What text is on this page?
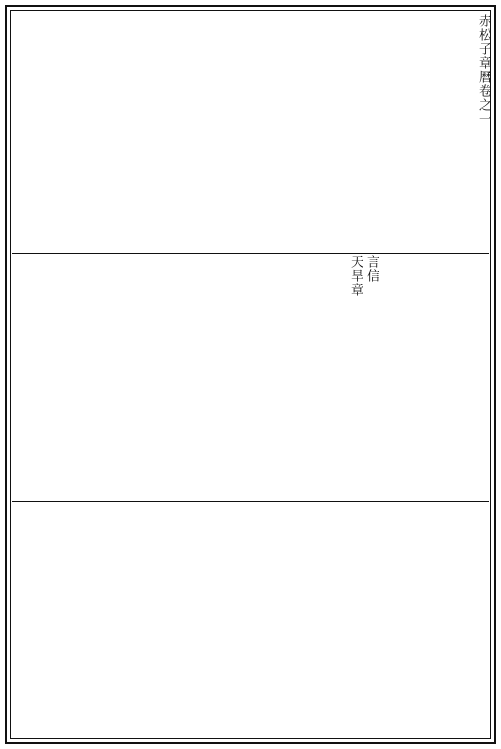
赤松子章曆卷之一
言信
天旱章
